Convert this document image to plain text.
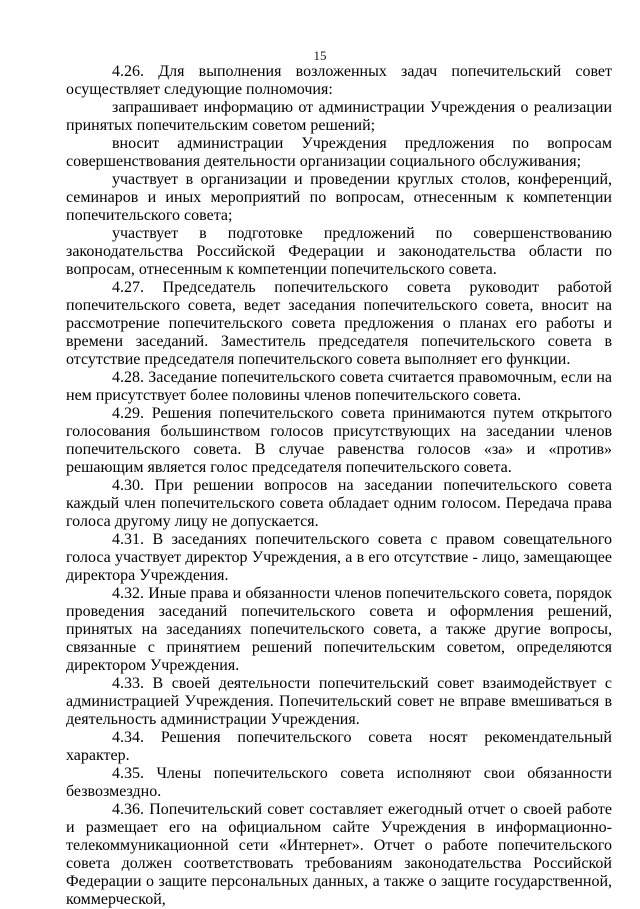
15

4.26. Для выполнения возложенных задач попечительский совет осуществляет следующие полномочия:

запрашивает информацию от администрации Учреждения о реализации принятых попечительским советом решений;

вносит администрации Учреждения предложения по вопросам совершенствования деятельности организации социального обслуживания;

участвует в организации и проведении круглых столов, конференций, семинаров и иных мероприятий по вопросам, отнесенным к компетенции попечительского совета;

участвует в подготовке предложений по совершенствованию законодательства Российской Федерации и законодательства области по вопросам, отнесенным к компетенции попечительского совета.

4.27. Председатель попечительского совета руководит работой попечительского совета, ведет заседания попечительского совета, вносит на рассмотрение попечительского совета предложения о планах его работы и времени заседаний. Заместитель председателя попечительского совета в отсутствие председателя попечительского совета выполняет его функции.

4.28. Заседание попечительского совета считается правомочным, если на нем присутствует более половины членов попечительского совета.

4.29. Решения попечительского совета принимаются путем открытого голосования большинством голосов присутствующих на заседании членов попечительского совета. В случае равенства голосов «за» и «против» решающим является голос председателя попечительского совета.

4.30. При решении вопросов на заседании попечительского совета каждый член попечительского совета обладает одним голосом. Передача права голоса другому лицу не допускается.

4.31. В заседаниях попечительского совета с правом совещательного голоса участвует директор Учреждения, а в его отсутствие - лицо, замещающее директора Учреждения.

4.32. Иные права и обязанности членов попечительского совета, порядок проведения заседаний попечительского совета и оформления решений, принятых на заседаниях попечительского совета, а также другие вопросы, связанные с принятием решений попечительским советом, определяются директором Учреждения.

4.33. В своей деятельности попечительский совет взаимодействует с администрацией Учреждения. Попечительский совет не вправе вмешиваться в деятельность администрации Учреждения.

4.34. Решения попечительского совета носят рекомендательный характер.

4.35. Члены попечительского совета исполняют свои обязанности безвозмездно.

4.36. Попечительский совет составляет ежегодный отчет о своей работе и размещает его на официальном сайте Учреждения в информационно-телекоммуникационной сети «Интернет». Отчет о работе попечительского совета должен соответствовать требованиям законодательства Российской Федерации о защите персональных данных, а также о защите государственной, коммерческой,
